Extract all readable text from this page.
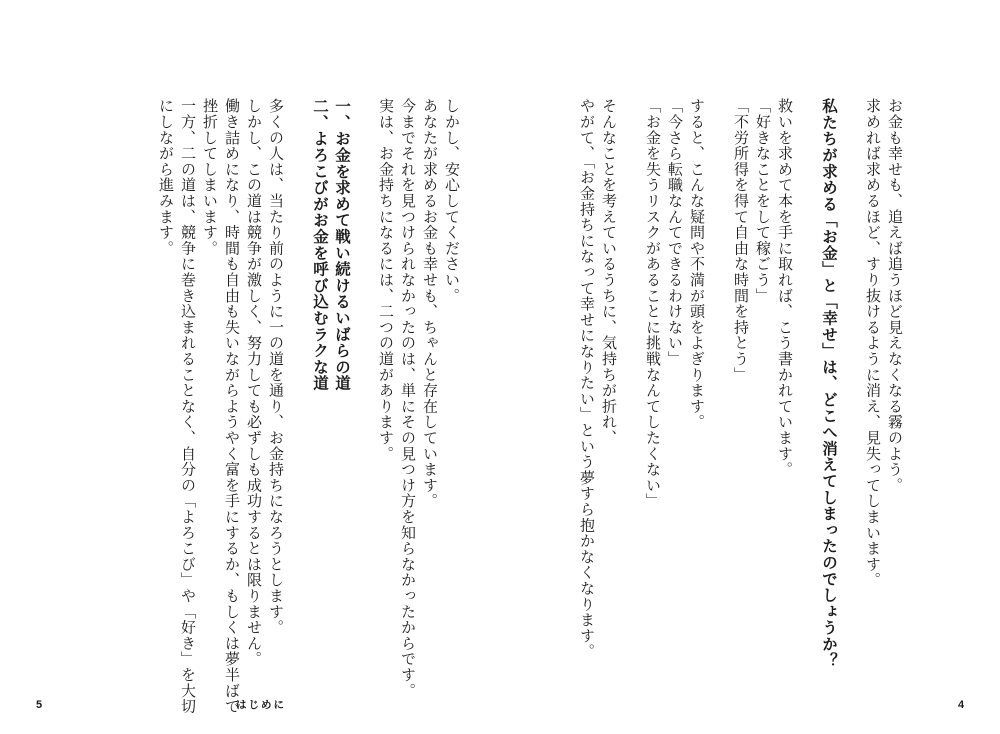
お金も幸せも、追えば追うほど見えなくなる霧のよう。
求めれば求めるほど、すり抜けるように消え、見失ってしまいます。
私たちが求める「お金」と「幸せ」は、どこへ消えてしまったのでしょうか？
救いを求めて本を手に取れば、こう書かれています。
「好きなことをして稼ごう」
「不労所得を得て自由な時間を持とう」
すると、こんな疑問や不満が頭をよぎります。
「今さら転職なんてできるわけない」
「お金を失うリスクがあることに挑戦なんてしたくない」
そんなことを考えているうちに、気持ちが折れ、
やがて、「お金持ちになって幸せになりたい」という夢すら抱かなくなります。
しかし、安心してください。
あなたが求めるお金も幸せも、ちゃんと存在しています。
今までそれを見つけられなかったのは、単にその見つけ方を知らなかったからです。
実は、お金持ちになるには、二つの道があります。
一、お金を求めて戦い続けるいばらの道
二、よろこびがお金を呼び込むラクな道
多くの人は、当たり前のように一の道を通り、お金持ちになろうとします。
しかし、この道は競争が激しく、努力しても必ずしも成功するとは限りません。
働き詰めになり、時間も自由も失いながらようやく富を手にするか、もしくは夢半ばで
挫折してしまいます。
一方、二の道は、競争に巻き込まれることなく、自分の「よろこび」や「好き」を大切
にしながら進みます。
4
5	はじめに
